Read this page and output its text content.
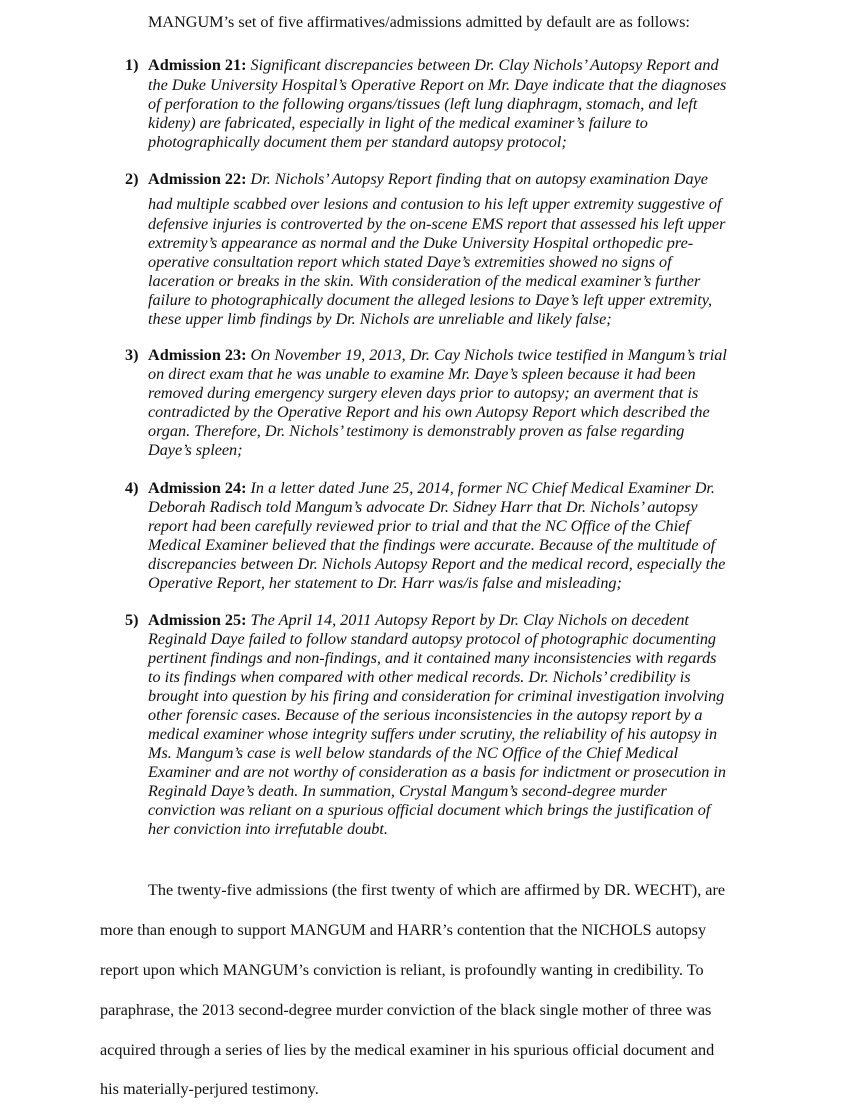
MANGUM’s set of five affirmatives/admissions admitted by default are as follows:
1) Admission 21: Significant discrepancies between Dr. Clay Nichols’ Autopsy Report and
the Duke University Hospital’s Operative Report on Mr. Daye indicate that the diagnoses
of perforation to the following organs/tissues (left lung diaphragm, stomach, and left
kideny) are fabricated, especially in light of the medical examiner’s failure to
photographically document them per standard autopsy protocol;
2) Admission 22: Dr. Nichols’ Autopsy Report finding that on autopsy examination Daye
had multiple scabbed over lesions and contusion to his left upper extremity suggestive of
defensive injuries is controverted by the on-scene EMS report that assessed his left upper
extremity’s appearance as normal and the Duke University Hospital orthopedic pre-
operative consultation report which stated Daye’s extremities showed no signs of
laceration or breaks in the skin. With consideration of the medical examiner’s further
failure to photographically document the alleged lesions to Daye’s left upper extremity,
these upper limb findings by Dr. Nichols are unreliable and likely false;
3) Admission 23: On November 19, 2013, Dr. Cay Nichols twice testified in Mangum’s trial
on direct exam that he was unable to examine Mr. Daye’s spleen because it had been
removed during emergency surgery eleven days prior to autopsy; an averment that is
contradicted by the Operative Report and his own Autopsy Report which described the
organ. Therefore, Dr. Nichols’ testimony is demonstrably proven as false regarding
Daye’s spleen;
4) Admission 24: In a letter dated June 25, 2014, former NC Chief Medical Examiner Dr.
Deborah Radisch told Mangum’s advocate Dr. Sidney Harr that Dr. Nichols’ autopsy
report had been carefully reviewed prior to trial and that the NC Office of the Chief
Medical Examiner believed that the findings were accurate. Because of the multitude of
discrepancies between Dr. Nichols Autopsy Report and the medical record, especially the
Operative Report, her statement to Dr. Harr was/is false and misleading;
5) Admission 25: The April 14, 2011 Autopsy Report by Dr. Clay Nichols on decedent
Reginald Daye failed to follow standard autopsy protocol of photographic documenting
pertinent findings and non-findings, and it contained many inconsistencies with regards
to its findings when compared with other medical records. Dr. Nichols’ credibility is
brought into question by his firing and consideration for criminal investigation involving
other forensic cases. Because of the serious inconsistencies in the autopsy report by a
medical examiner whose integrity suffers under scrutiny, the reliability of his autopsy in
Ms. Mangum’s case is well below standards of the NC Office of the Chief Medical
Examiner and are not worthy of consideration as a basis for indictment or prosecution in
Reginald Daye’s death. In summation, Crystal Mangum’s second-degree murder
conviction was reliant on a spurious official document which brings the justification of
her conviction into irrefutable doubt.
The twenty-five admissions (the first twenty of which are affirmed by DR. WECHT), are
more than enough to support MANGUM and HARR’s contention that the NICHOLS autopsy
report upon which MANGUM’s conviction is reliant, is profoundly wanting in credibility. To
paraphrase, the 2013 second-degree murder conviction of the black single mother of three was
acquired through a series of lies by the medical examiner in his spurious official document and
his materially-perjured testimony.
